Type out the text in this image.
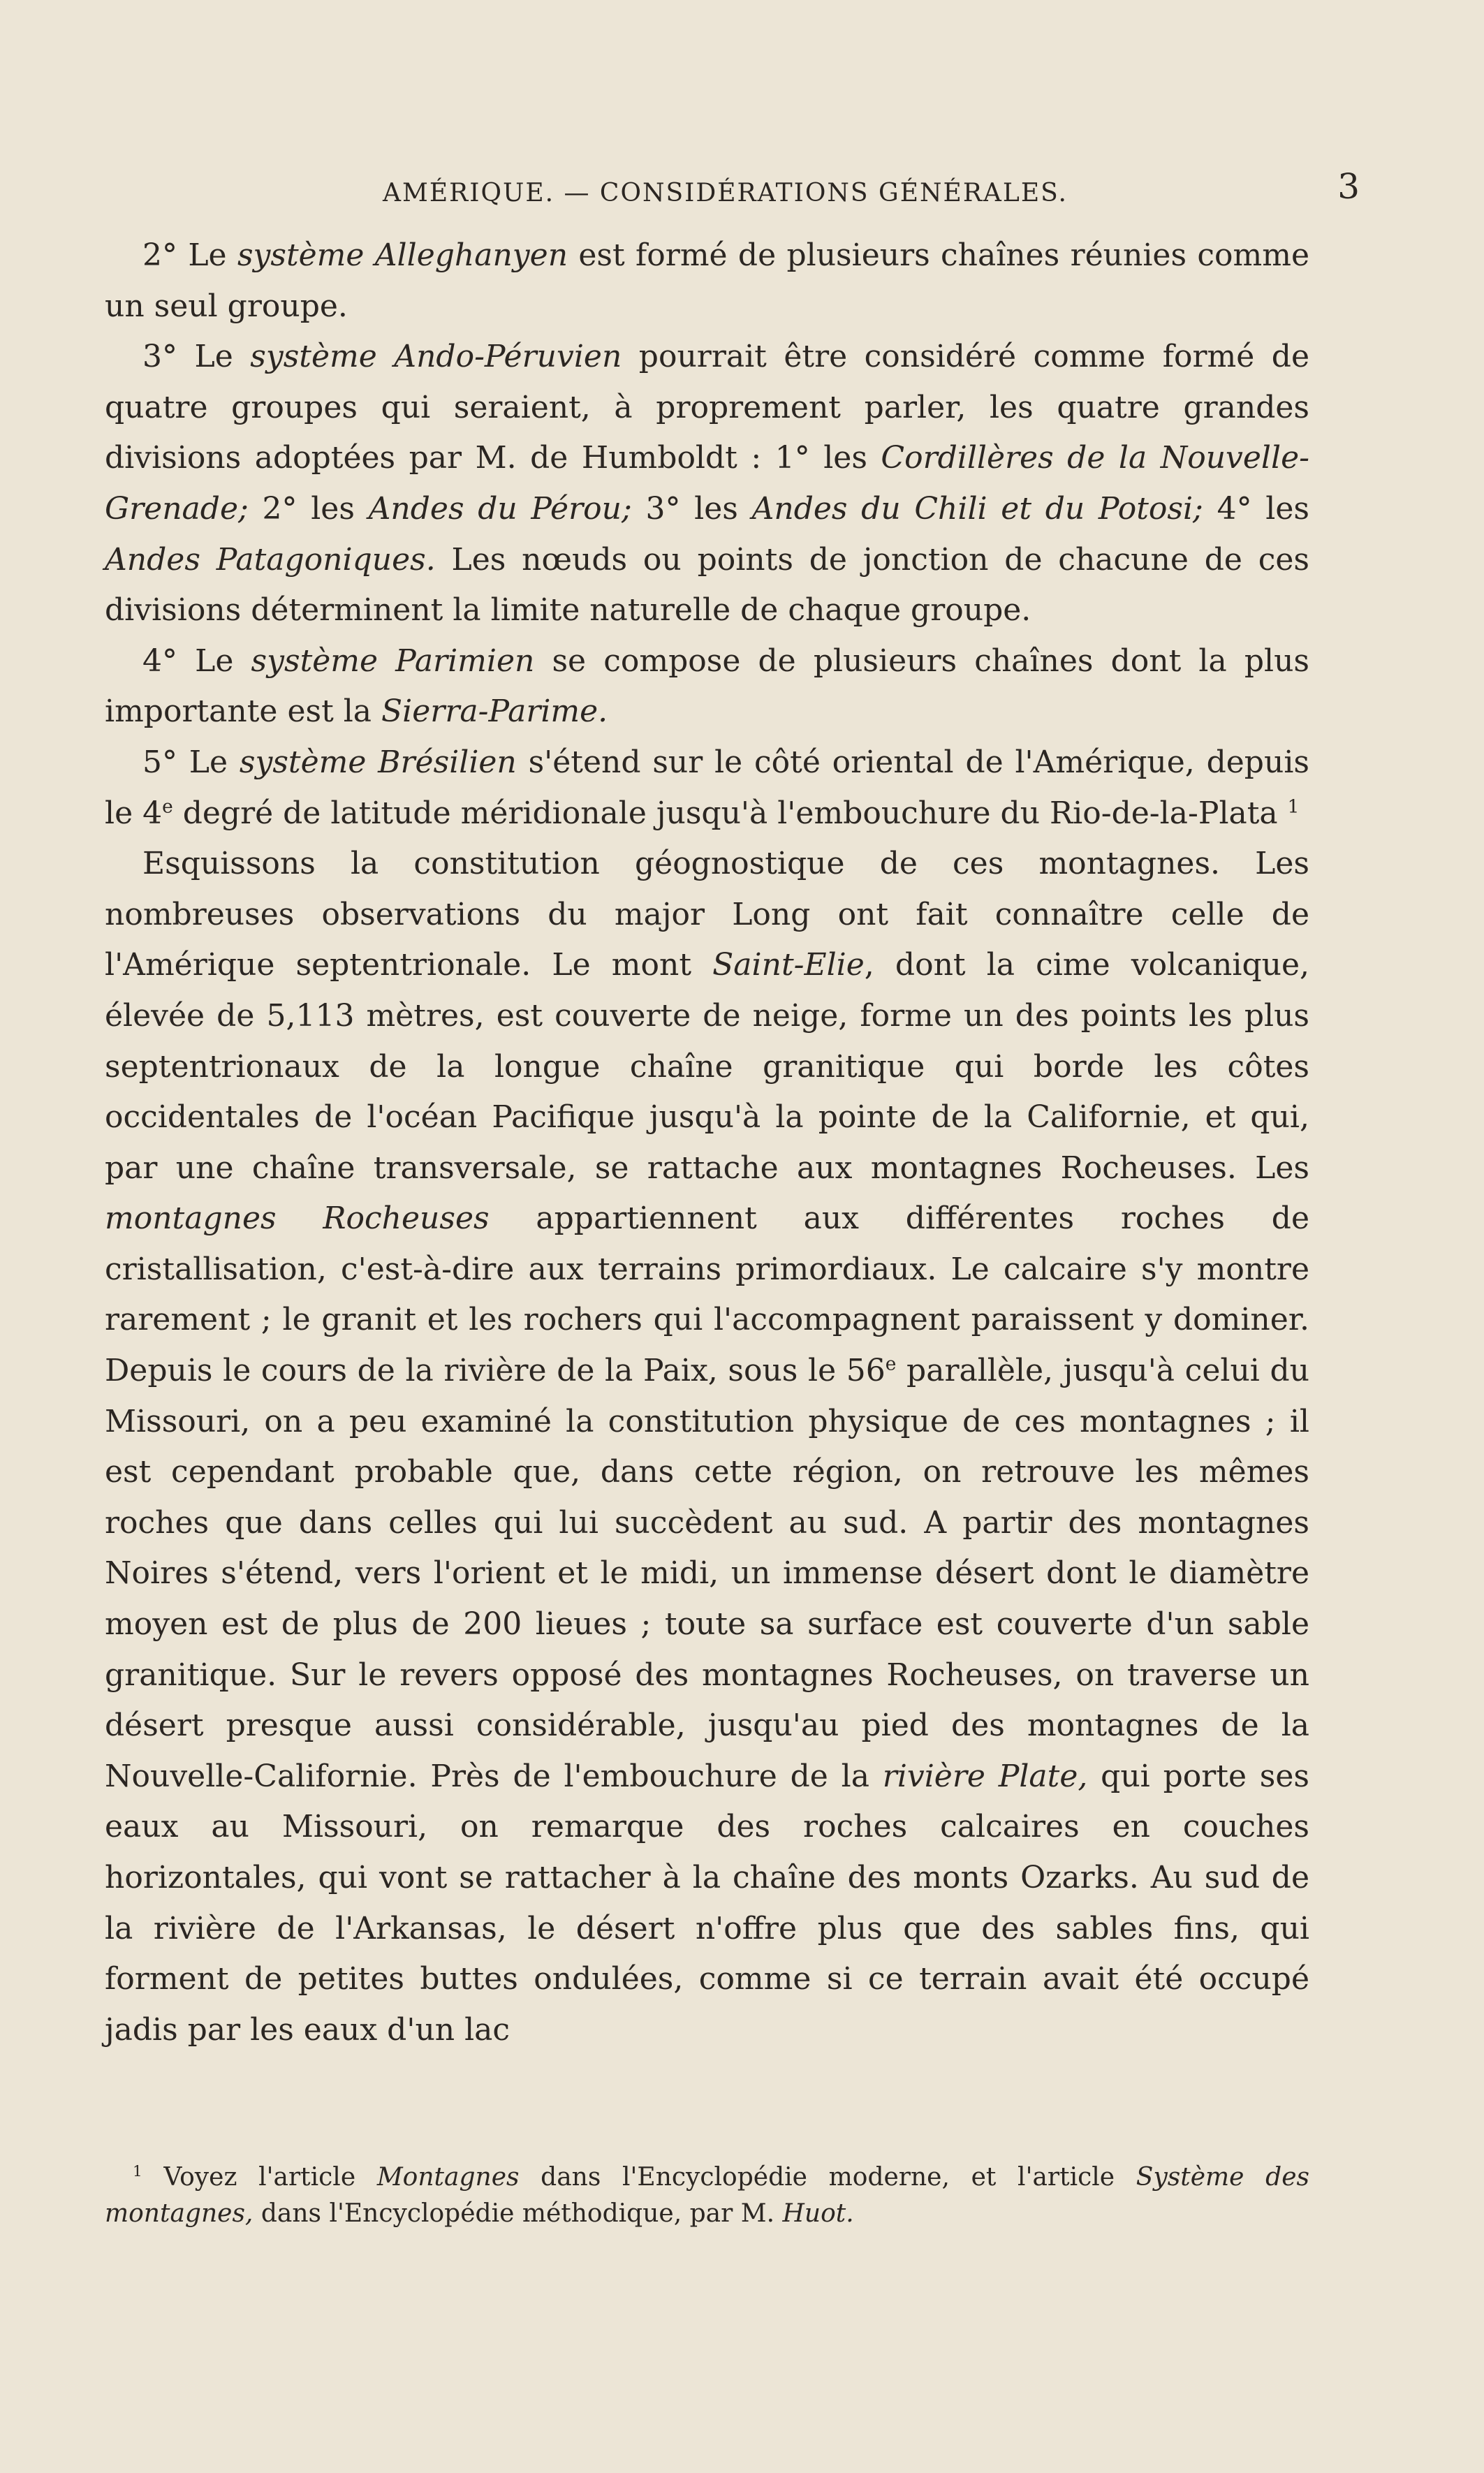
AMÉRIQUE. — CONSIDÉRATIONS GÉNÉRALES.	3

2° Le système Alleghanyen est formé de plusieurs chaînes réunies comme un seul groupe.

3° Le système Ando-Péruvien pourrait être considéré comme formé de quatre groupes qui seraient, à proprement parler, les quatre grandes divisions adoptées par M. de Humboldt : 1° les Cordillères de la Nouvelle-Grenade; 2° les Andes du Pérou; 3° les Andes du Chili et du Potosi; 4° les Andes Patagoniques. Les nœuds ou points de jonction de chacune de ces divisions déterminent la limite naturelle de chaque groupe.

4° Le système Parimien se compose de plusieurs chaînes dont la plus importante est la Sierra-Parime.

5° Le système Brésilien s'étend sur le côté oriental de l'Amérique, depuis le 4e degré de latitude méridionale jusqu'à l'embouchure du Rio-de-la-Plata $^1$

Esquissons la constitution géognostique de ces montagnes. Les nombreuses observations du major Long ont fait connaître celle de l'Amérique septentrionale. Le mont Saint-Elie, dont la cime volcanique, élevée de 5,113 mètres, est couverte de neige, forme un des points les plus septentrionaux de la longue chaîne granitique qui borde les côtes occidentales de l'océan Pacifique jusqu'à la pointe de la Californie, et qui, par une chaîne transversale, se rattache aux montagnes Rocheuses. Les montagnes Rocheuses appartiennent aux différentes roches de cristallisation, c'est-à-dire aux terrains primordiaux. Le calcaire s'y montre rarement ; le granit et les rochers qui l'accompagnent paraissent y dominer. Depuis le cours de la rivière de la Paix, sous le 56e parallèle, jusqu'à celui du Missouri, on a peu examiné la constitution physique de ces montagnes ; il est cependant probable que, dans cette région, on retrouve les mêmes roches que dans celles qui lui succèdent au sud. A partir des montagnes Noires s'étend, vers l'orient et le midi, un immense désert dont le diamètre moyen est de plus de 200 lieues ; toute sa surface est couverte d'un sable granitique. Sur le revers opposé des montagnes Rocheuses, on traverse un désert presque aussi considérable, jusqu'au pied des montagnes de la Nouvelle-Californie. Près de l'embouchure de la rivière Plate, qui porte ses eaux au Missouri, on remarque des roches calcaires en couches horizontales, qui vont se rattacher à la chaîne des monts Ozarks. Au sud de la rivière de l'Arkansas, le désert n'offre plus que des sables fins, qui forment de petites buttes ondulées, comme si ce terrain avait été occupé jadis par les eaux d'un lac

$^1$ Voyez l'article Montagnes dans l'Encyclopédie moderne, et l'article Système des montagnes, dans l'Encyclopédie méthodique, par M. Huot.
